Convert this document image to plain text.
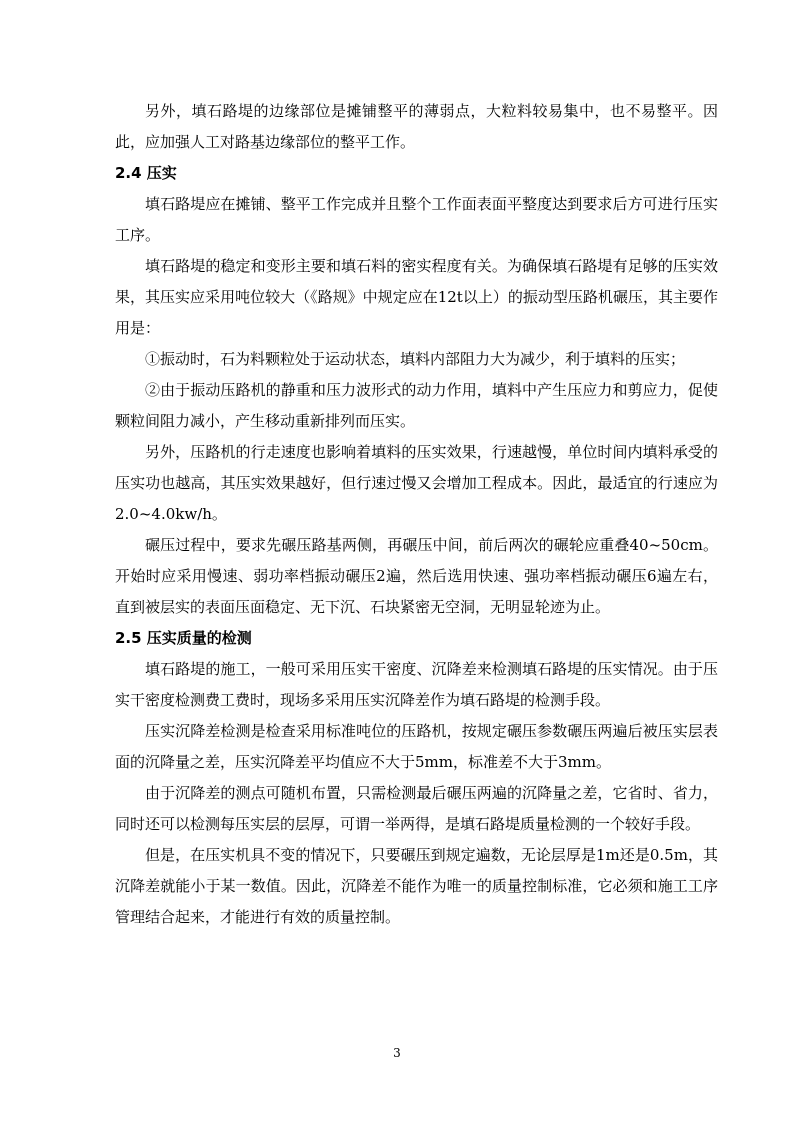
另外，填石路堤的边缘部位是摊铺整平的薄弱点，大粒料较易集中，也不易整平。因此，应加强人工对路基边缘部位的整平工作。

2.4 压实

填石路堤应在摊铺、整平工作完成并且整个工作面表面平整度达到要求后方可进行压实工序。

填石路堤的稳定和变形主要和填石料的密实程度有关。为确保填石路堤有足够的压实效果，其压实应采用吨位较大（《路规》中规定应在12t以上）的振动型压路机碾压，其主要作用是：

①振动时，石为料颗粒处于运动状态，填料内部阻力大为减少，利于填料的压实；

②由于振动压路机的静重和压力波形式的动力作用，填料中产生压应力和剪应力，促使颗粒间阻力减小，产生移动重新排列而压实。

另外，压路机的行走速度也影响着填料的压实效果，行速越慢，单位时间内填料承受的压实功也越高，其压实效果越好，但行速过慢又会增加工程成本。因此，最适宜的行速应为2.0~4.0kw/h。

碾压过程中，要求先碾压路基两侧，再碾压中间，前后两次的碾轮应重叠40~50cm。开始时应采用慢速、弱功率档振动碾压2遍，然后选用快速、强功率档振动碾压6遍左右，直到被层实的表面压面稳定、无下沉、石块紧密无空洞，无明显轮迹为止。

2.5 压实质量的检测

填石路堤的施工，一般可采用压实干密度、沉降差来检测填石路堤的压实情况。由于压实干密度检测费工费时，现场多采用压实沉降差作为填石路堤的检测手段。

压实沉降差检测是检查采用标准吨位的压路机，按规定碾压参数碾压两遍后被压实层表面的沉降量之差，压实沉降差平均值应不大于5mm，标准差不大于3mm。

由于沉降差的测点可随机布置，只需检测最后碾压两遍的沉降量之差，它省时、省力，同时还可以检测每压实层的层厚，可谓一举两得，是填石路堤质量检测的一个较好手段。

但是，在压实机具不变的情况下，只要碾压到规定遍数，无论层厚是1m还是0.5m，其沉降差就能小于某一数值。因此，沉降差不能作为唯一的质量控制标准，它必须和施工工序管理结合起来，才能进行有效的质量控制。

3
